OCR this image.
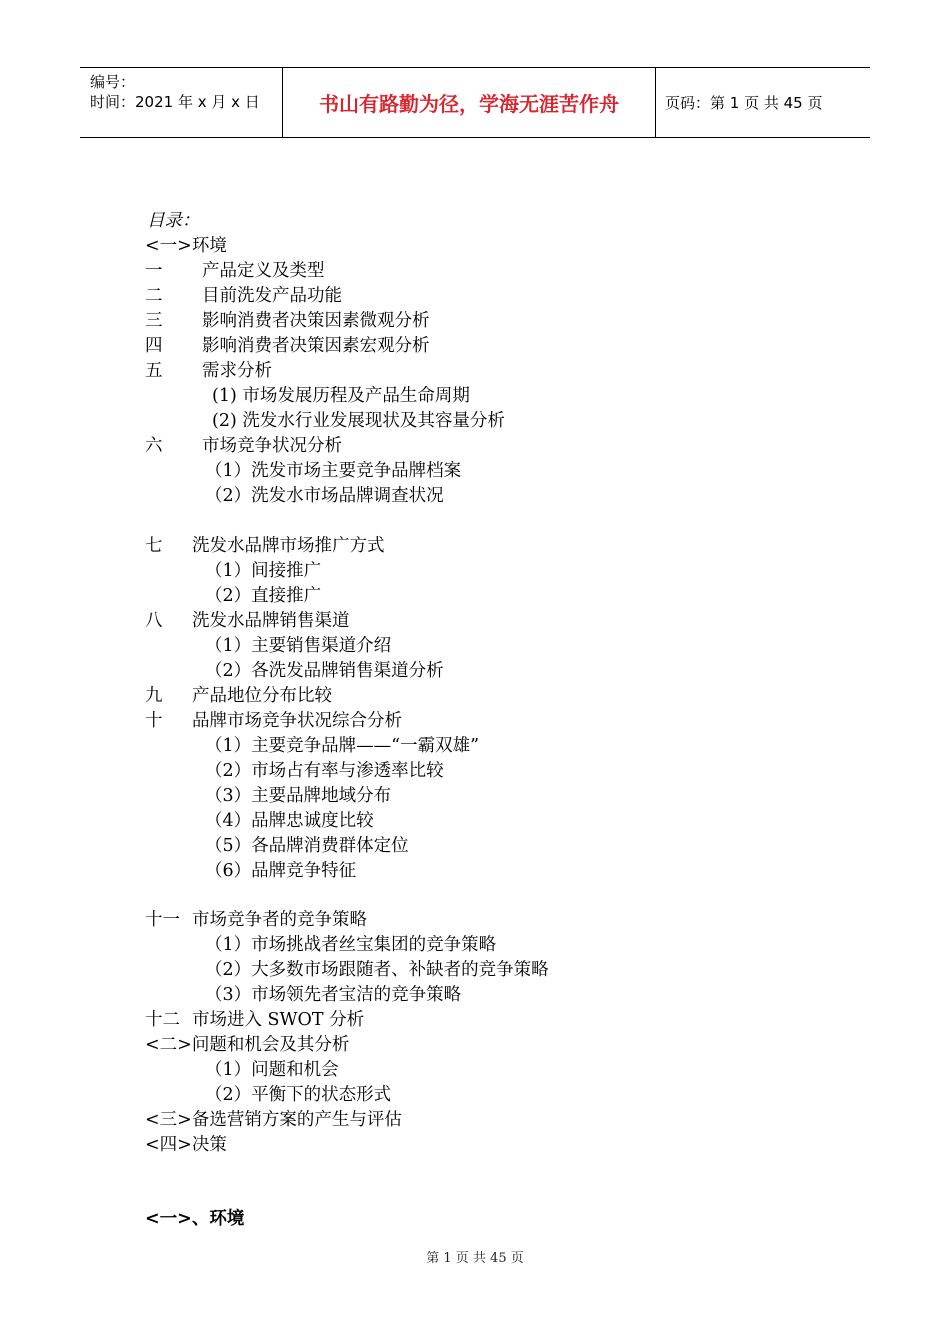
编号：
时间：2021 年 x 月 x 日	书山有路勤为径，学海无涯苦作舟	页码：第 1 页 共 45 页
目录：
<一>环境
一 产品定义及类型
二 目前洗发产品功能
三 影响消费者决策因素微观分析
四 影响消费者决策因素宏观分析
五 需求分析
(1) 市场发展历程及产品生命周期
(2) 洗发水行业发展现状及其容量分析
六 市场竞争状况分析
（1）洗发市场主要竞争品牌档案
（2）洗发水市场品牌调查状况
七 洗发水品牌市场推广方式
（1）间接推广
（2）直接推广
八 洗发水品牌销售渠道
（1）主要销售渠道介绍
（2）各洗发品牌销售渠道分析
九 产品地位分布比较
十 品牌市场竞争状况综合分析
（1）主要竞争品牌——“一霸双雄”
（2）市场占有率与渗透率比较
（3）主要品牌地域分布
（4）品牌忠诚度比较
（5）各品牌消费群体定位
（6）品牌竞争特征
十一 市场竞争者的竞争策略
（1）市场挑战者丝宝集团的竞争策略
（2）大多数市场跟随者、补缺者的竞争策略
（3）市场领先者宝洁的竞争策略
十二 市场进入 SWOT 分析
<二>问题和机会及其分析
（1）问题和机会
（2）平衡下的状态形式
<三>备选营销方案的产生与评估
<四>决策
<一>、环境
第 1 页 共 45 页
